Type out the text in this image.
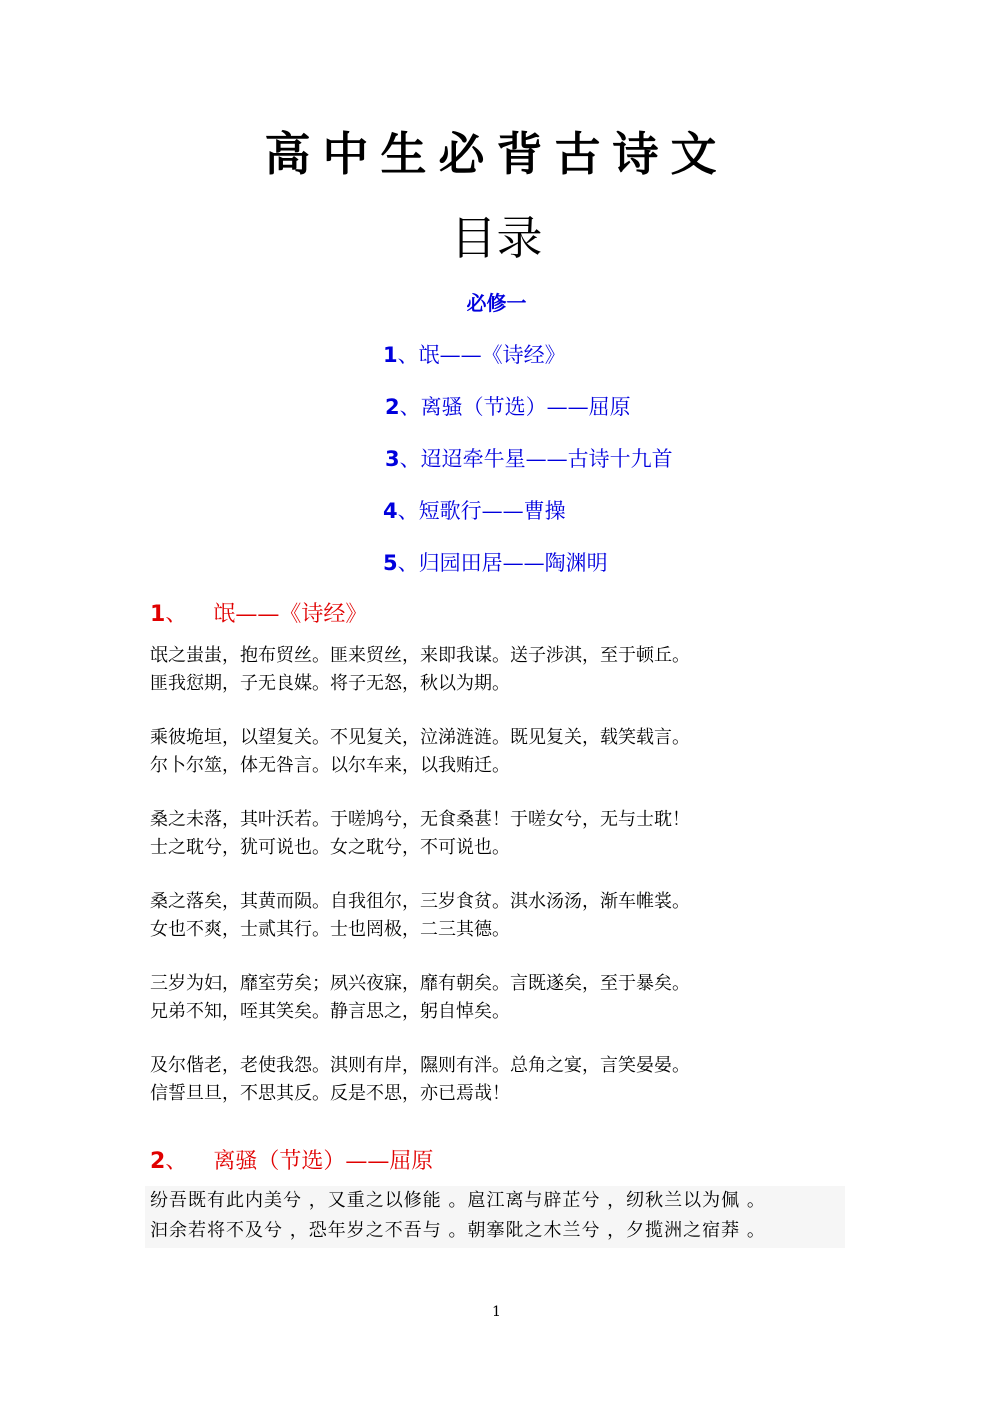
高中生必背古诗文
目录
必修一
1、氓——《诗经》
2、离骚（节选）——屈原
3、迢迢牵牛星——古诗十九首
4、短歌行——曹操
5、归园田居——陶渊明
1、 氓——《诗经》
氓之蚩蚩，抱布贸丝。匪来贸丝，来即我谋。送子涉淇，至于顿丘。
匪我愆期，子无良媒。将子无怒，秋以为期。
乘彼垝垣，以望复关。不见复关，泣涕涟涟。既见复关，载笑载言。
尔卜尔筮，体无咎言。以尔车来，以我贿迁。
桑之未落，其叶沃若。于嗟鸠兮，无食桑葚！于嗟女兮，无与士耽！
士之耽兮，犹可说也。女之耽兮，不可说也。
桑之落矣，其黄而陨。自我徂尔，三岁食贫。淇水汤汤，渐车帷裳。
女也不爽，士贰其行。士也罔极，二三其德。
三岁为妇，靡室劳矣；夙兴夜寐，靡有朝矣。言既遂矣，至于暴矣。
兄弟不知，咥其笑矣。静言思之，躬自悼矣。
及尔偕老，老使我怨。淇则有岸，隰则有泮。总角之宴，言笑晏晏。
信誓旦旦，不思其反。反是不思，亦已焉哉！
2、 离骚（节选）——屈原
纷吾既有此内美兮 ，又重之以修能 。扈江离与辟芷兮 ，纫秋兰以为佩 。
汩余若将不及兮 ，恐年岁之不吾与 。朝搴阰之木兰兮 ，夕揽洲之宿莽 。
1
